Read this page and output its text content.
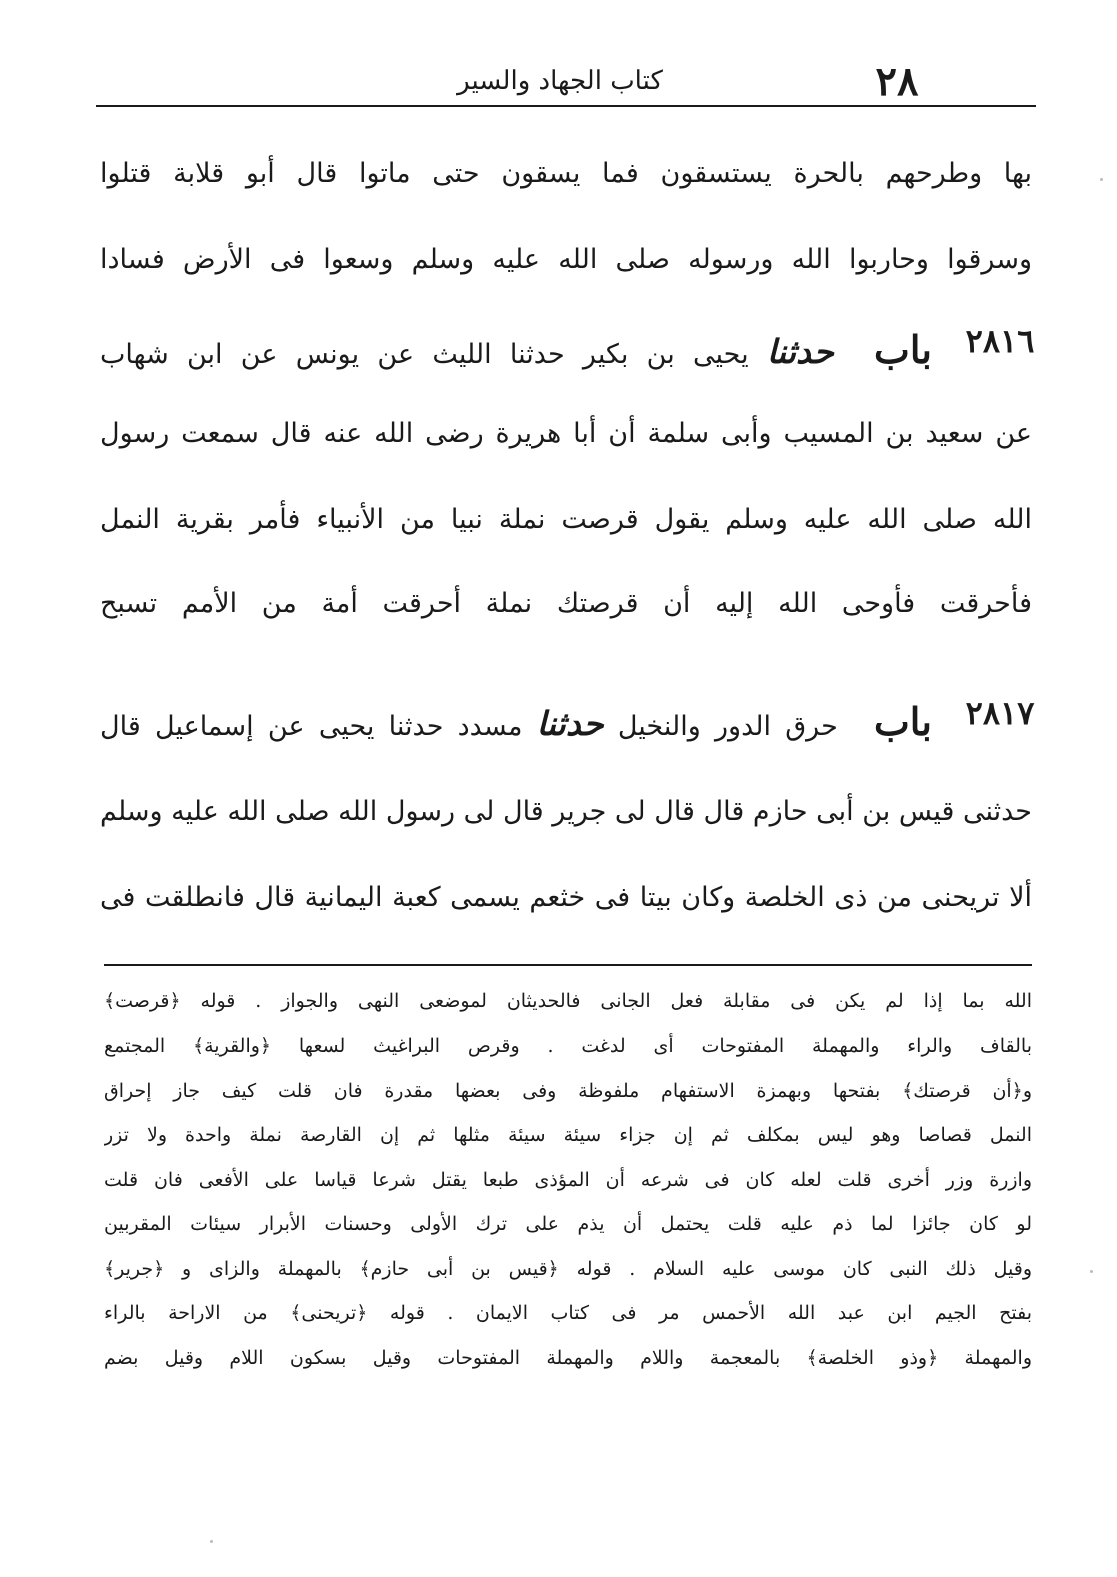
كتاب الجهاد والسير	٢٨
بها وطرحهم بالحرة يستسقون فما يسقون حتى ماتوا قال أبو قلابة قتلوا
وسرقوا وحاربوا الله ورسوله صلى الله عليه وسلم وسعوا فى الأرض فسادا
٢٨١٦
باب حدثنا يحيى بن بكير حدثنا الليث عن يونس عن ابن شهاب
عن سعيد بن المسيب وأبى سلمة أن أبا هريرة رضى الله عنه قال سمعت رسول
الله صلى الله عليه وسلم يقول قرصت نملة نبيا من الأنبياء فأمر بقرية النمل
فأحرقت فأوحى الله إليه أن قرصتك نملة أحرقت أمة من الأمم تسبح
٢٨١٧
باب حرق الدور والنخيل حدثنا مسدد حدثنا يحيى عن إسماعيل قال
حدثنى قيس بن أبى حازم قال قال لى جرير قال لى رسول الله صلى الله عليه وسلم
ألا تريحنى من ذى الخلصة وكان بيتا فى خثعم يسمى كعبة اليمانية قال فانطلقت فى
الله بما إذا لم يكن فى مقابلة فعل الجانى فالحديثان لموضعى النهى والجواز . قوله ﴿قرصت﴾
بالقاف والراء والمهملة المفتوحات أى لدغت . وقرص البراغيث لسعها ﴿والقرية﴾ المجتمع
و﴿أن قرصتك﴾ بفتحها وبهمزة الاستفهام ملفوظة وفى بعضها مقدرة فان قلت كيف جاز إحراق
النمل قصاصا وهو ليس بمكلف ثم إن جزاء سيئة سيئة مثلها ثم إن القارصة نملة واحدة ولا تزر
وازرة وزر أخرى قلت لعله كان فى شرعه أن المؤذى طبعا يقتل شرعا قياسا على الأفعى فان قلت
لو كان جائزا لما ذم عليه قلت يحتمل أن يذم على ترك الأولى وحسنات الأبرار سيئات المقربين
وقيل ذلك النبى كان موسى عليه السلام . قوله ﴿قيس بن أبى حازم﴾ بالمهملة والزاى و ﴿جرير﴾
بفتح الجيم ابن عبد الله الأحمس مر فى كتاب الايمان . قوله ﴿تريحنى﴾ من الاراحة بالراء
والمهملة ﴿وذو الخلصة﴾ بالمعجمة واللام والمهملة المفتوحات وقيل بسكون اللام وقيل بضم
